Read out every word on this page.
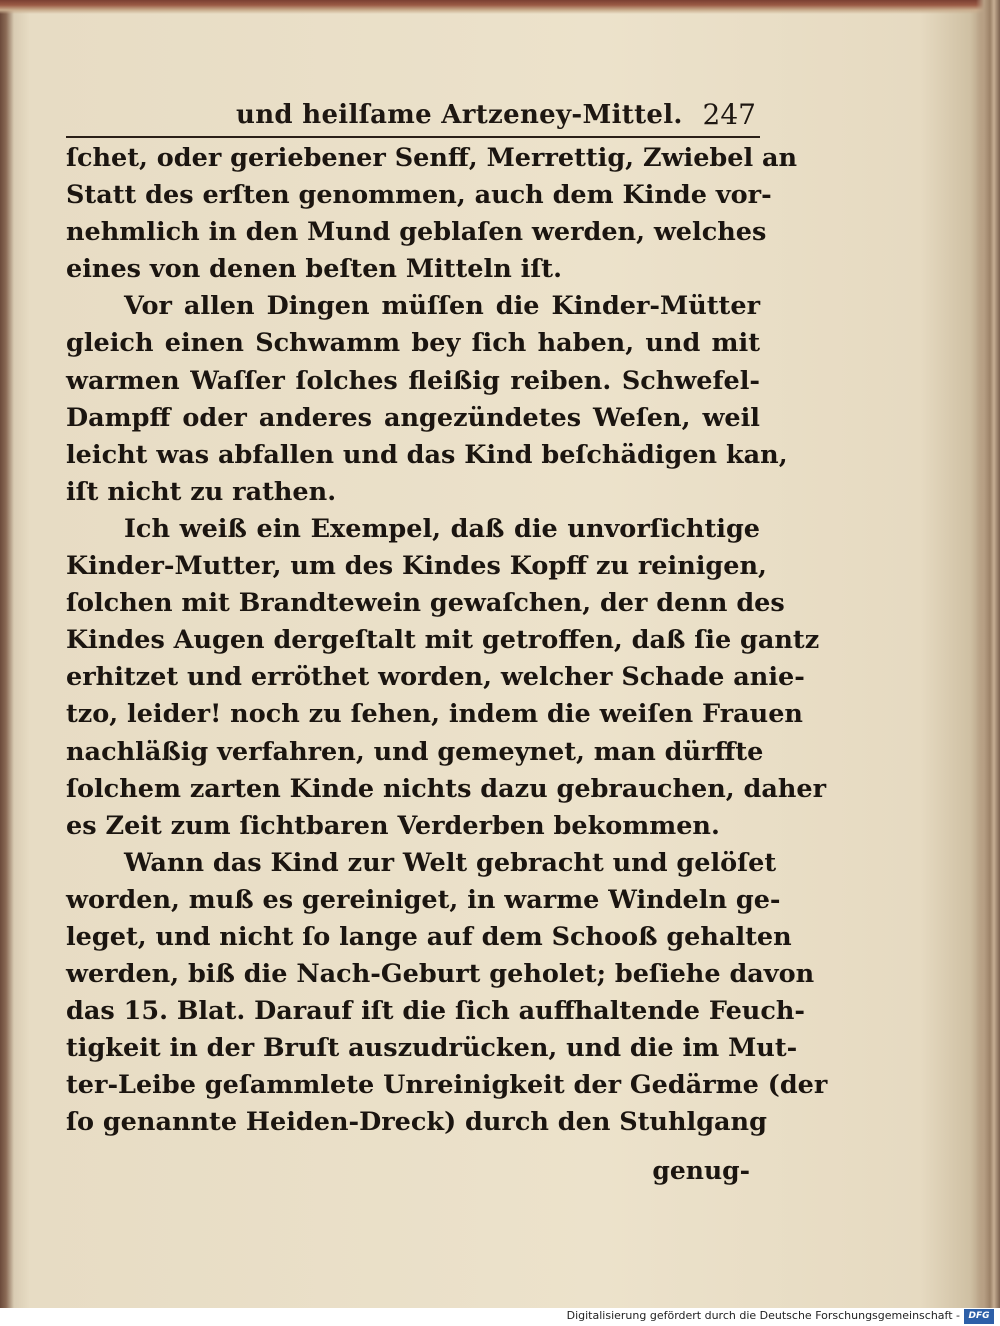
und heilſame Artzeney-Mittel. 247
ſchet, oder geriebener Senff, Merrettig, Zwiebel an
Statt des erſten genommen, auch dem Kinde vor-
nehmlich in den Mund geblaſen werden, welches
eines von denen beſten Mitteln iſt.
Vor allen Dingen müſſen die Kinder-Mütter
gleich einen Schwamm bey ſich haben, und mit
warmen Waſſer ſolches fleißig reiben. Schwefel-
Dampff oder anderes angezündetes Weſen, weil
leicht was abfallen und das Kind beſchädigen kan,
iſt nicht zu rathen.
Ich weiß ein Exempel, daß die unvorſichtige
Kinder-Mutter, um des Kindes Kopff zu reinigen,
ſolchen mit Brandtewein gewaſchen, der denn des
Kindes Augen dergeſtalt mit getroffen, daß ſie gantz
erhitzet und erröthet worden, welcher Schade anie-
tzo, leider! noch zu ſehen, indem die weiſen Frauen
nachläßig verfahren, und gemeynet, man dürffte
ſolchem zarten Kinde nichts dazu gebrauchen, daher
es Zeit zum ſichtbaren Verderben bekommen.
Wann das Kind zur Welt gebracht und gelöſet
worden, muß es gereiniget, in warme Windeln ge-
leget, und nicht ſo lange auf dem Schooß gehalten
werden, biß die Nach-Geburt geholet; beſiehe davon
das 15. Blat. Darauf iſt die ſich auffhaltende Feuch-
tigkeit in der Bruſt auszudrücken, und die im Mut-
ter-Leibe geſammlete Unreinigkeit der Gedärme (der
ſo genannte Heiden-Dreck) durch den Stuhlgang
genug-
Digitalisierung gefördert durch die Deutsche Forschungsgemeinschaft - DFG
